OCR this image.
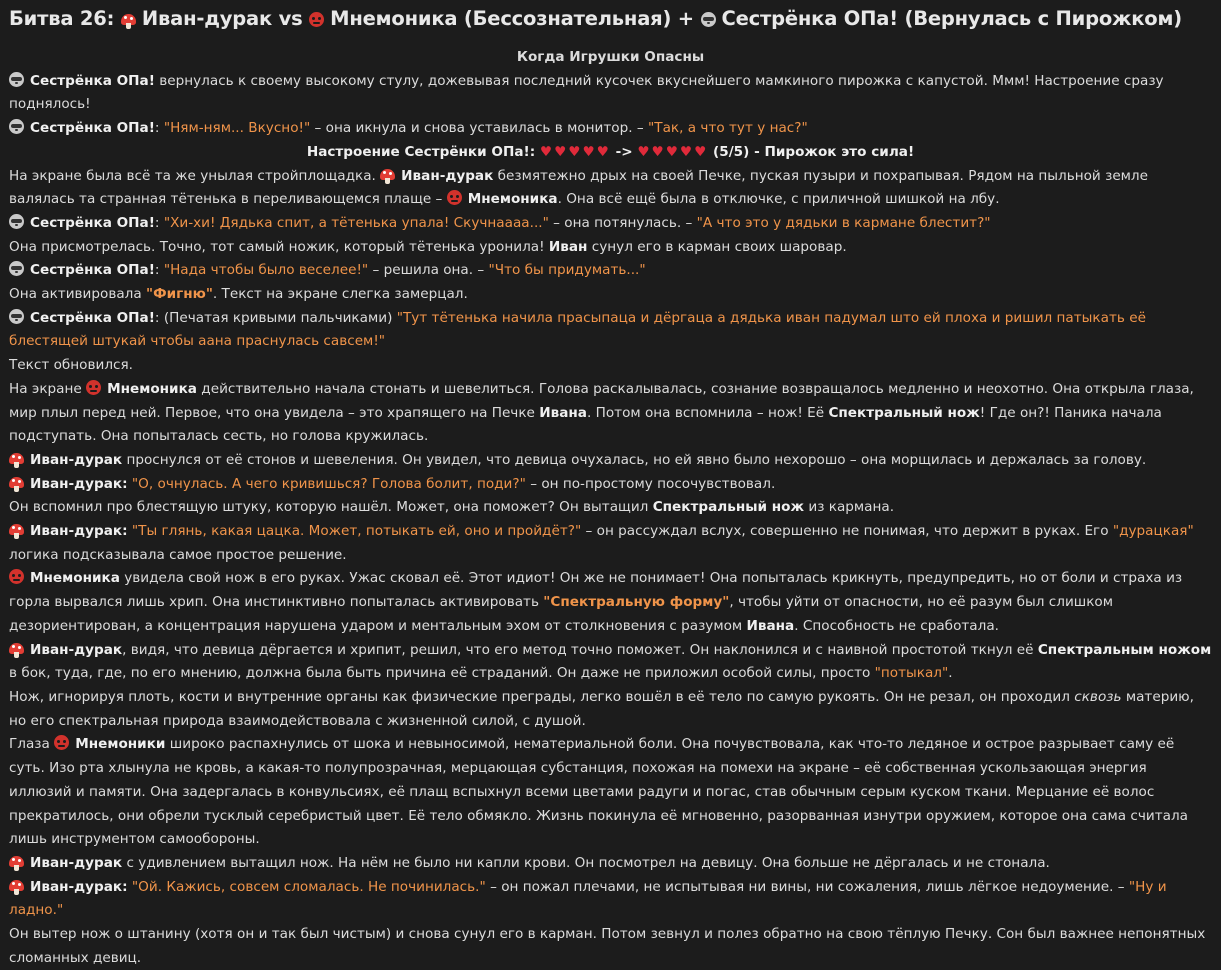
Битва 26: Иван-дурак vs Мнемоника (Бессознательная) + Сестрёнка ОПа! (Вернулась с Пирожком)

Когда Игрушки Опасны

Сестрёнка ОПа! вернулась к своему высокому стулу, дожевывая последний кусочек вкуснейшего мамкиного пирожка с капустой. Ммм! Настроение сразу поднялось!

Сестрёнка ОПа!: "Ням-ням... Вкусно!" – она икнула и снова уставилась в монитор. – "Так, а что тут у нас?"

Настроение Сестрёнки ОПа!: ♥♥♥♥♥ -> ♥♥♥♥♥ (5/5) - Пирожок это сила!

На экране была всё та же унылая стройплощадка. Иван-дурак безмятежно дрых на своей Печке, пуская пузыри и похрапывая. Рядом на пыльной земле валялась та странная тётенька в переливающемся плаще – Мнемоника. Она всё ещё была в отключке, с приличной шишкой на лбу.

Сестрёнка ОПа!: "Хи-хи! Дядька спит, а тётенька упала! Скучнаааа..." – она потянулась. – "А что это у дядьки в кармане блестит?"

Она присмотрелась. Точно, тот самый ножик, который тётенька уронила! Иван сунул его в карман своих шаровар.

Сестрёнка ОПа!: "Нада чтобы было веселее!" – решила она. – "Что бы придумать..."

Она активировала "Фигню". Текст на экране слегка замерцал.

Сестрёнка ОПа!: (Печатая кривыми пальчиками) "Тут тётенька начила прасыпаца и дёргаца а дядька иван падумал што ей плоха и ришил патыкать её блестящей штукай чтобы аана праснулась савсем!"

Текст обновился.

На экране Мнемоника действительно начала стонать и шевелиться. Голова раскалывалась, сознание возвращалось медленно и неохотно. Она открыла глаза, мир плыл перед ней. Первое, что она увидела – это храпящего на Печке Ивана. Потом она вспомнила – нож! Её Спектральный нож! Где он?! Паника начала подступать. Она попыталась сесть, но голова кружилась.

Иван-дурак проснулся от её стонов и шевеления. Он увидел, что девица очухалась, но ей явно было нехорошо – она морщилась и держалась за голову.

Иван-дурак: "О, очнулась. А чего кривишься? Голова болит, поди?" – он по-простому посочувствовал.

Он вспомнил про блестящую штуку, которую нашёл. Может, она поможет? Он вытащил Спектральный нож из кармана.

Иван-дурак: "Ты глянь, какая цацка. Может, потыкать ей, оно и пройдёт?" – он рассуждал вслух, совершенно не понимая, что держит в руках. Его "дурацкая" логика подсказывала самое простое решение.

Мнемоника увидела свой нож в его руках. Ужас сковал её. Этот идиот! Он же не понимает! Она попыталась крикнуть, предупредить, но от боли и страха из горла вырвался лишь хрип. Она инстинктивно попыталась активировать "Спектральную форму", чтобы уйти от опасности, но её разум был слишком дезориентирован, а концентрация нарушена ударом и ментальным эхом от столкновения с разумом Ивана. Способность не сработала.

Иван-дурак, видя, что девица дёргается и хрипит, решил, что его метод точно поможет. Он наклонился и с наивной простотой ткнул её Спектральным ножом в бок, туда, где, по его мнению, должна была быть причина её страданий. Он даже не приложил особой силы, просто "потыкал".

Нож, игнорируя плоть, кости и внутренние органы как физические преграды, легко вошёл в её тело по самую рукоять. Он не резал, он проходил сквозь материю, но его спектральная природа взаимодействовала с жизненной силой, с душой.

Глаза Мнемоники широко распахнулись от шока и невыносимой, нематериальной боли. Она почувствовала, как что-то ледяное и острое разрывает саму её суть. Изо рта хлынула не кровь, а какая-то полупрозрачная, мерцающая субстанция, похожая на помехи на экране – её собственная ускользающая энергия иллюзий и памяти. Она задергалась в конвульсиях, её плащ вспыхнул всеми цветами радуги и погас, став обычным серым куском ткани. Мерцание её волос прекратилось, они обрели тусклый серебристый цвет. Её тело обмякло. Жизнь покинула её мгновенно, разорванная изнутри оружием, которое она сама считала лишь инструментом самообороны.

Иван-дурак с удивлением вытащил нож. На нём не было ни капли крови. Он посмотрел на девицу. Она больше не дёргалась и не стонала.

Иван-дурак: "Ой. Кажись, совсем сломалась. Не починилась." – он пожал плечами, не испытывая ни вины, ни сожаления, лишь лёгкое недоумение. – "Ну и ладно."

Он вытер нож о штанину (хотя он и так был чистым) и снова сунул его в карман. Потом зевнул и полез обратно на свою тёплую Печку. Сон был важнее непонятных сломанных девиц.
